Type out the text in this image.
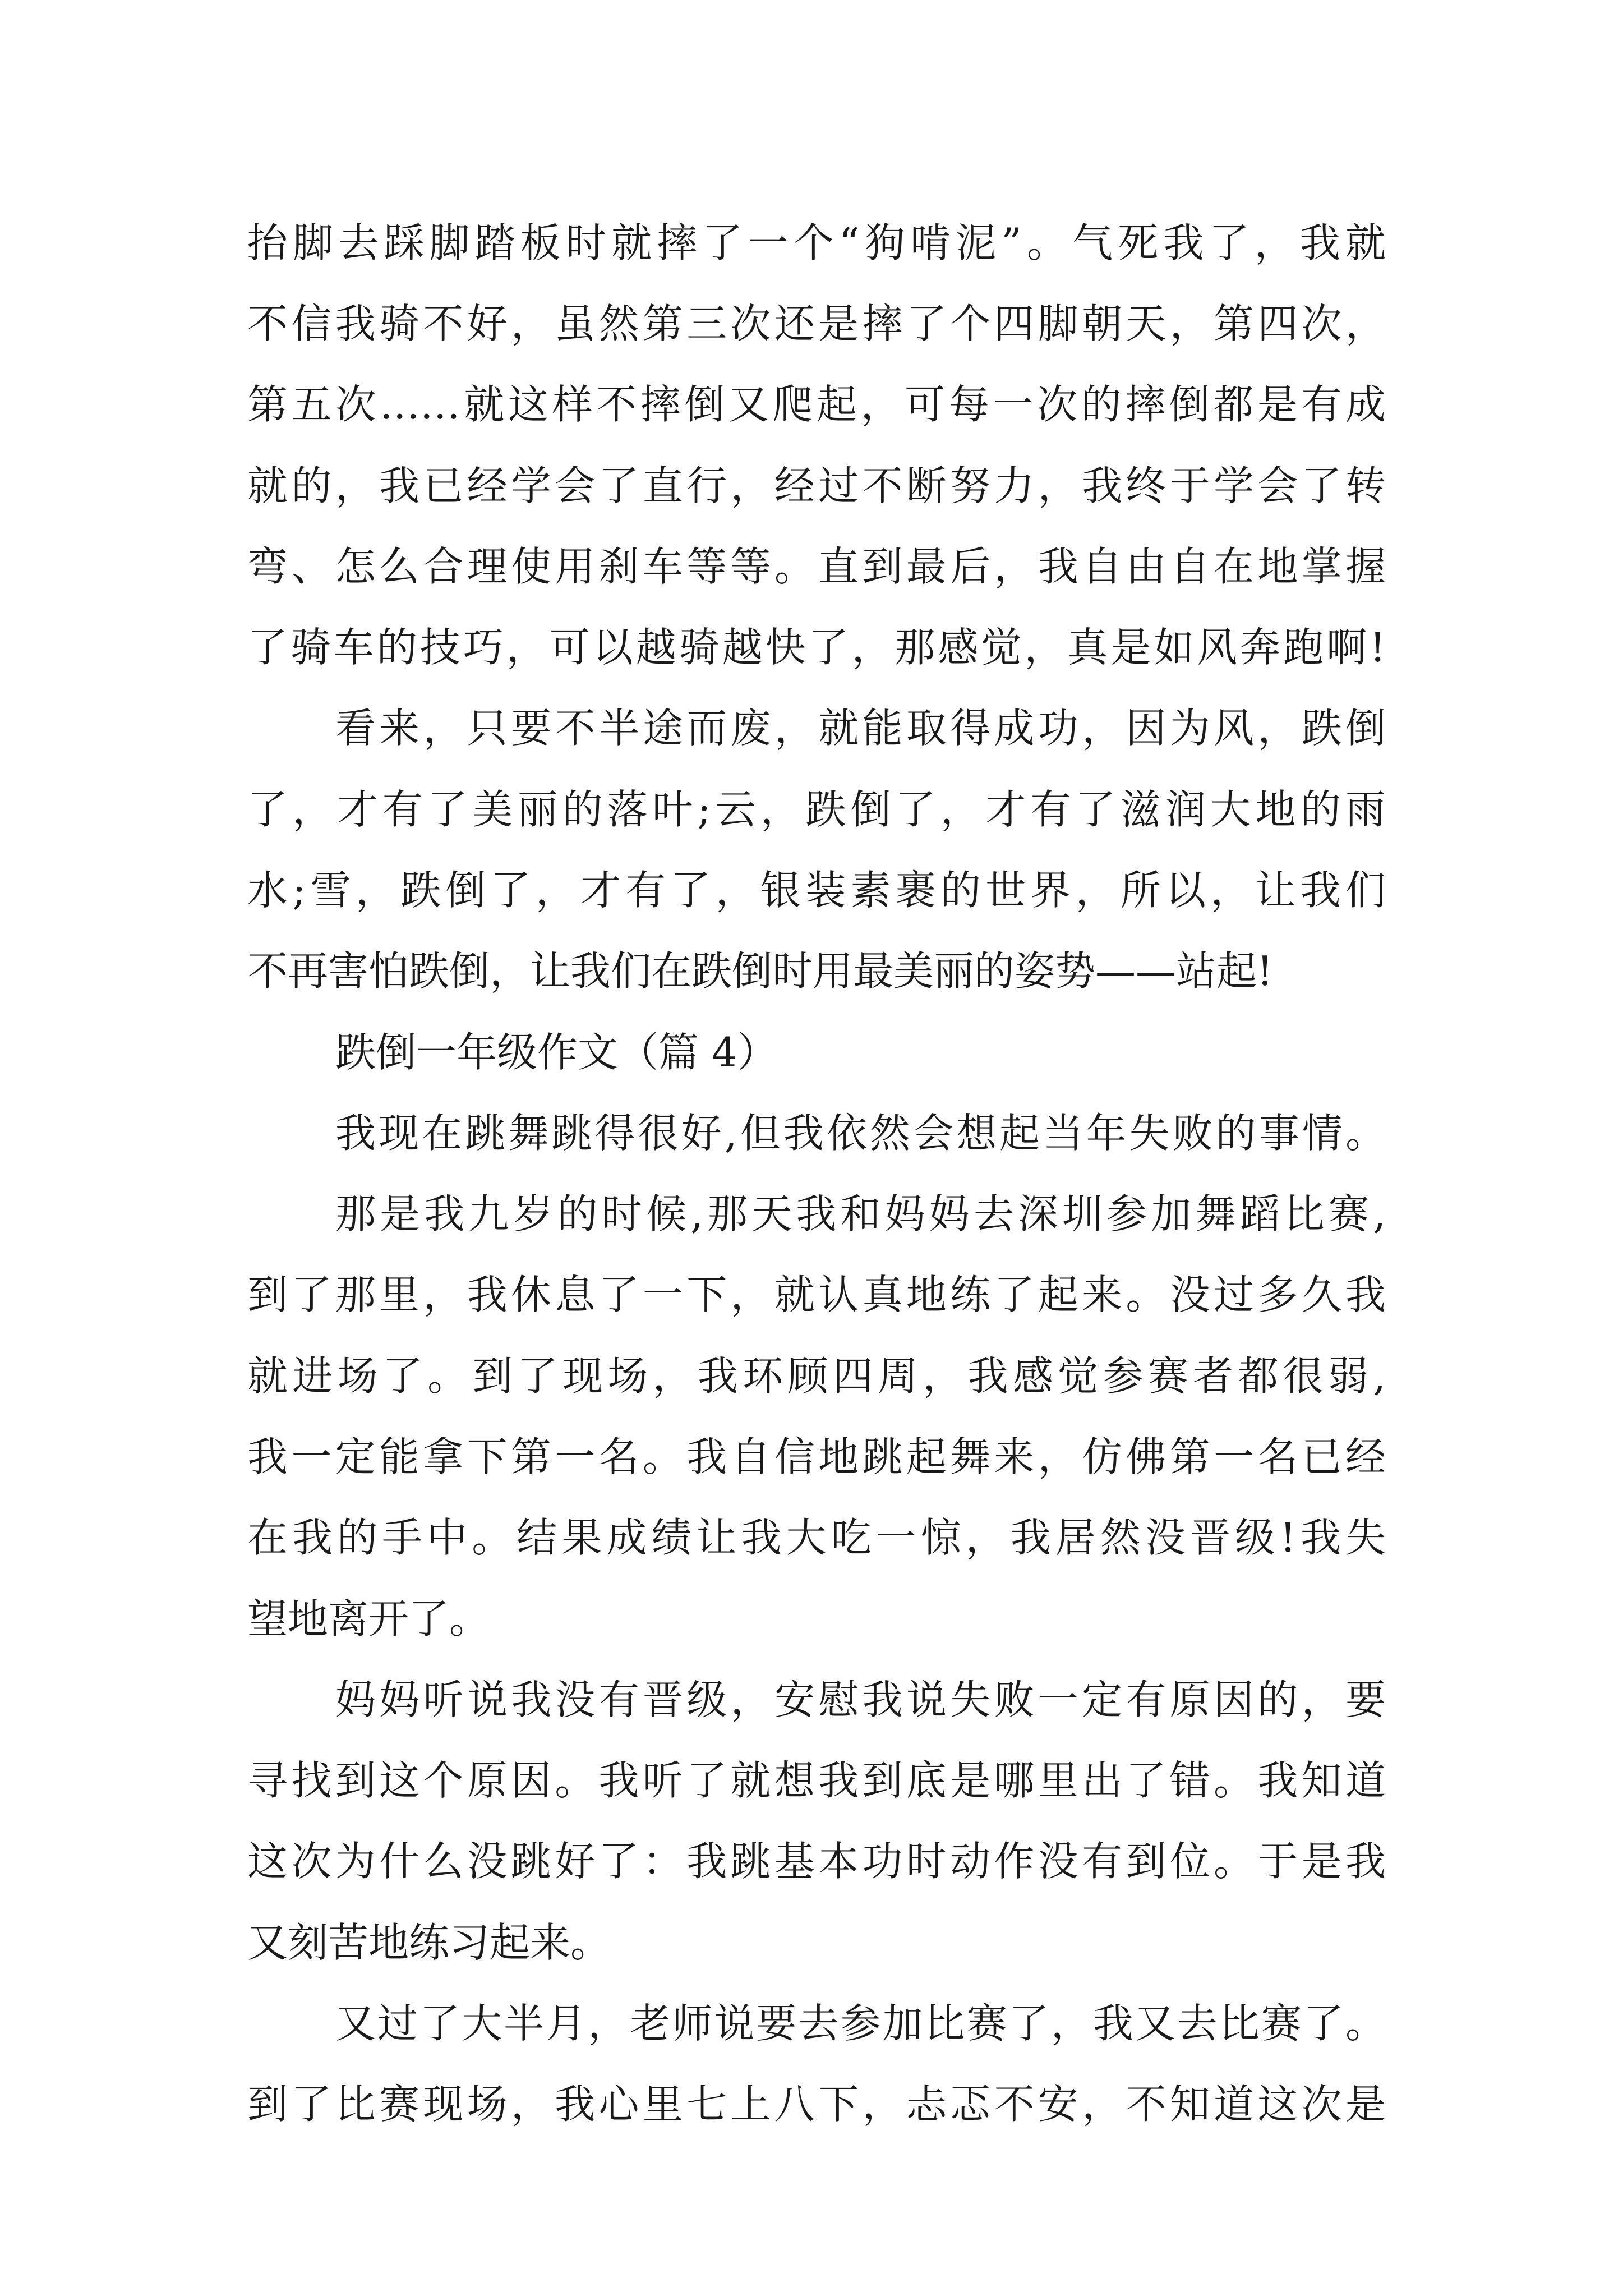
抬脚去踩脚踏板时就摔了一个“狗啃泥”。气死我了，我就
不信我骑不好，虽然第三次还是摔了个四脚朝天，第四次，
第五次……就这样不摔倒又爬起，可每一次的摔倒都是有成
就的，我已经学会了直行，经过不断努力，我终于学会了转
弯、怎么合理使用刹车等等。直到最后，我自由自在地掌握
了骑车的技巧，可以越骑越快了，那感觉，真是如风奔跑啊!
看来，只要不半途而废，就能取得成功，因为风，跌倒
了，才有了美丽的落叶;云，跌倒了，才有了滋润大地的雨
水;雪，跌倒了，才有了，银装素裹的世界，所以，让我们
不再害怕跌倒，让我们在跌倒时用最美丽的姿势——站起!
跌倒一年级作文（篇 4）
我现在跳舞跳得很好,但我依然会想起当年失败的事情。
那是我九岁的时候,那天我和妈妈去深圳参加舞蹈比赛,
到了那里，我休息了一下，就认真地练了起来。没过多久我
就进场了。到了现场，我环顾四周，我感觉参赛者都很弱,
我一定能拿下第一名。我自信地跳起舞来，仿佛第一名已经
在我的手中。结果成绩让我大吃一惊，我居然没晋级!我失
望地离开了。
妈妈听说我没有晋级，安慰我说失败一定有原因的，要
寻找到这个原因。我听了就想我到底是哪里出了错。我知道
这次为什么没跳好了：我跳基本功时动作没有到位。于是我
又刻苦地练习起来。
又过了大半月，老师说要去参加比赛了，我又去比赛了。
到了比赛现场，我心里七上八下，忐忑不安，不知道这次是
